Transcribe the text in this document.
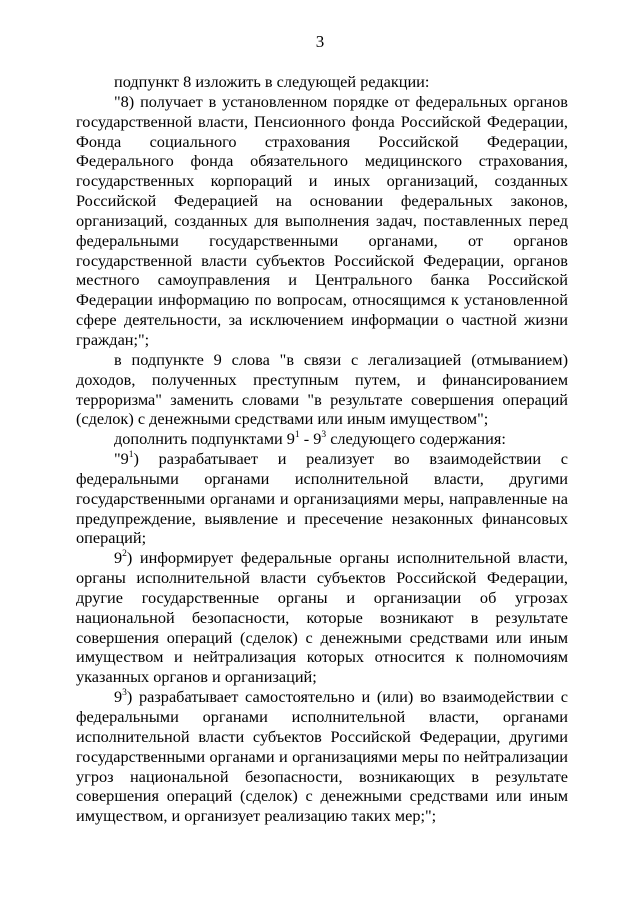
3

подпункт 8 изложить в следующей редакции:

"8) получает в установленном порядке от федеральных органов государственной власти, Пенсионного фонда Российской Федерации, Фонда социального страхования Российской Федерации, Федерального фонда обязательного медицинского страхования, государственных корпораций и иных организаций, созданных Российской Федерацией на основании федеральных законов, организаций, созданных для выполнения задач, поставленных перед федеральными государственными органами, от органов государственной власти субъектов Российской Федерации, органов местного самоуправления и Центрального банка Российской Федерации информацию по вопросам, относящимся к установленной сфере деятельности, за исключением информации о частной жизни граждан;";

в подпункте 9 слова "в связи с легализацией (отмыванием) доходов, полученных преступным путем, и финансированием терроризма" заменить словами "в результате совершения операций (сделок) с денежными средствами или иным имуществом";

дополнить подпунктами $9^1 - 9^3$ следующего содержания:

"$9^1$) разрабатывает и реализует во взаимодействии с федеральными органами исполнительной власти, другими государственными органами и организациями меры, направленные на предупреждение, выявление и пресечение незаконных финансовых операций;

$9^2$) информирует федеральные органы исполнительной власти, органы исполнительной власти субъектов Российской Федерации, другие государственные органы и организации об угрозах национальной безопасности, которые возникают в результате совершения операций (сделок) с денежными средствами или иным имуществом и нейтрализация которых относится к полномочиям указанных органов и организаций;

$9^3$) разрабатывает самостоятельно и (или) во взаимодействии с федеральными органами исполнительной власти, органами исполнительной власти субъектов Российской Федерации, другими государственными органами и организациями меры по нейтрализации угроз национальной безопасности, возникающих в результате совершения операций (сделок) с денежными средствами или иным имуществом, и организует реализацию таких мер;";
